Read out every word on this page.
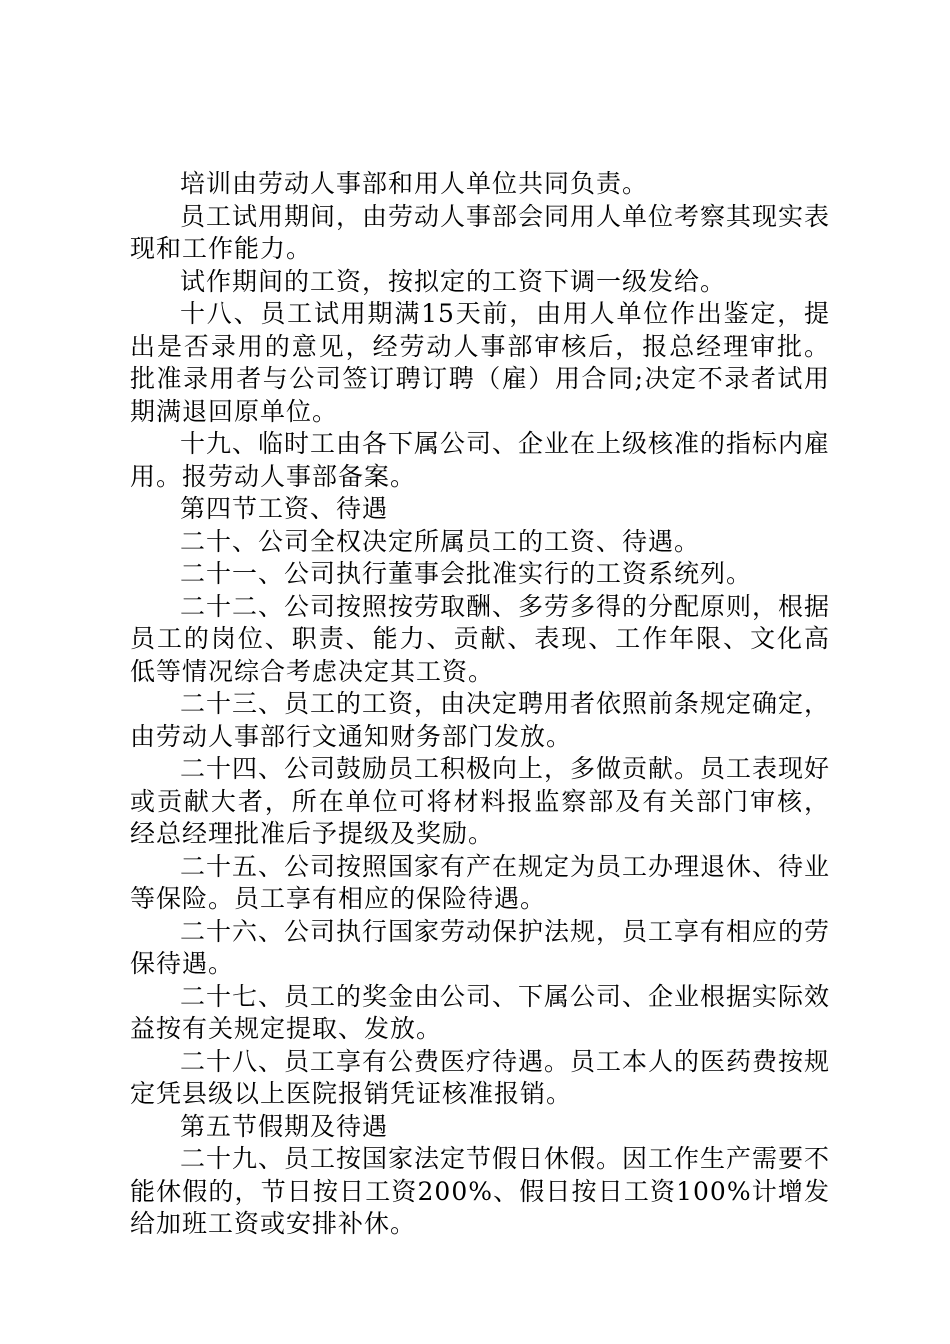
培训由劳动人事部和用人单位共同负责。

员工试用期间，由劳动人事部会同用人单位考察其现实表现和工作能力。

试作期间的工资，按拟定的工资下调一级发给。

十八、员工试用期满15天前，由用人单位作出鉴定，提出是否录用的意见，经劳动人事部审核后，报总经理审批。批准录用者与公司签订聘订聘（雇）用合同;决定不录者试用期满退回原单位。

十九、临时工由各下属公司、企业在上级核准的指标内雇用。报劳动人事部备案。

第四节工资、待遇

二十、公司全权决定所属员工的工资、待遇。

二十一、公司执行董事会批准实行的工资系统列。

二十二、公司按照按劳取酬、多劳多得的分配原则，根据员工的岗位、职责、能力、贡献、表现、工作年限、文化高低等情况综合考虑决定其工资。

二十三、员工的工资，由决定聘用者依照前条规定确定，由劳动人事部行文通知财务部门发放。

二十四、公司鼓励员工积极向上，多做贡献。员工表现好或贡献大者，所在单位可将材料报监察部及有关部门审核，经总经理批准后予提级及奖励。

二十五、公司按照国家有产在规定为员工办理退休、待业等保险。员工享有相应的保险待遇。

二十六、公司执行国家劳动保护法规，员工享有相应的劳保待遇。

二十七、员工的奖金由公司、下属公司、企业根据实际效益按有关规定提取、发放。

二十八、员工享有公费医疗待遇。员工本人的医药费按规定凭县级以上医院报销凭证核准报销。

第五节假期及待遇

二十九、员工按国家法定节假日休假。因工作生产需要不能休假的，节日按日工资200%、假日按日工资100%计增发给加班工资或安排补休。
